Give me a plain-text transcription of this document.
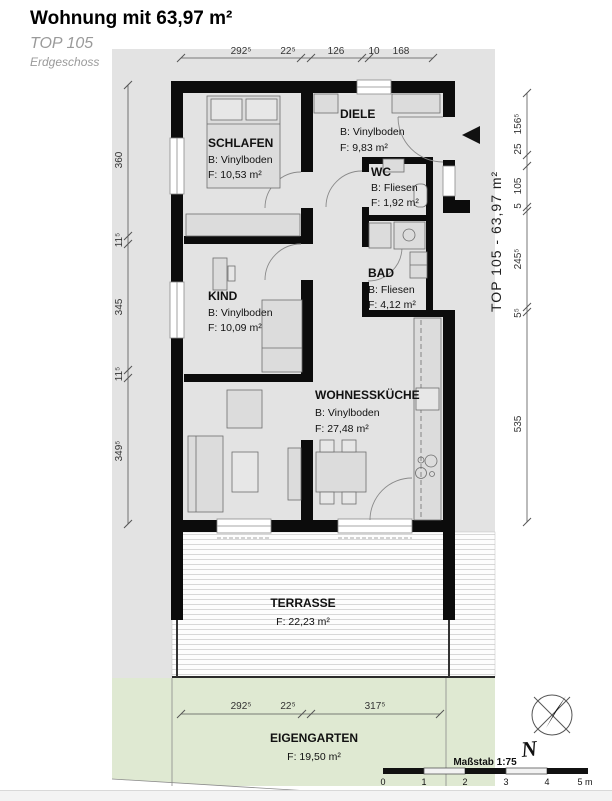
Wohnung mit 63,97 m²
TOP 105
Erdgeschoss
SCHLAFEN
B: Vinylboden
F: 10,53 m²
DIELE
B: Vinylboden
F: 9,83 m²
WC
B: Fliesen
F: 1,92 m²
BAD
B: Fliesen
F: 4,12 m²
KIND
B: Vinylboden
F: 10,09 m²
WOHNESSKÜCHE
B: Vinylboden
F: 27,48 m²
TERRASSE
F: 22,23 m²
EIGENGARTEN
F: 19,50 m²
292⁵	22⁵	126 10 168
360
11⁵
345
11⁵
349⁵
156⁵
25
105
5
245⁵
5⁵
535
292⁵	22⁵	317⁵
TOP 105 - 63,97 m²
N
Maßstab 1:75
0	1	2	3	4	5 m
